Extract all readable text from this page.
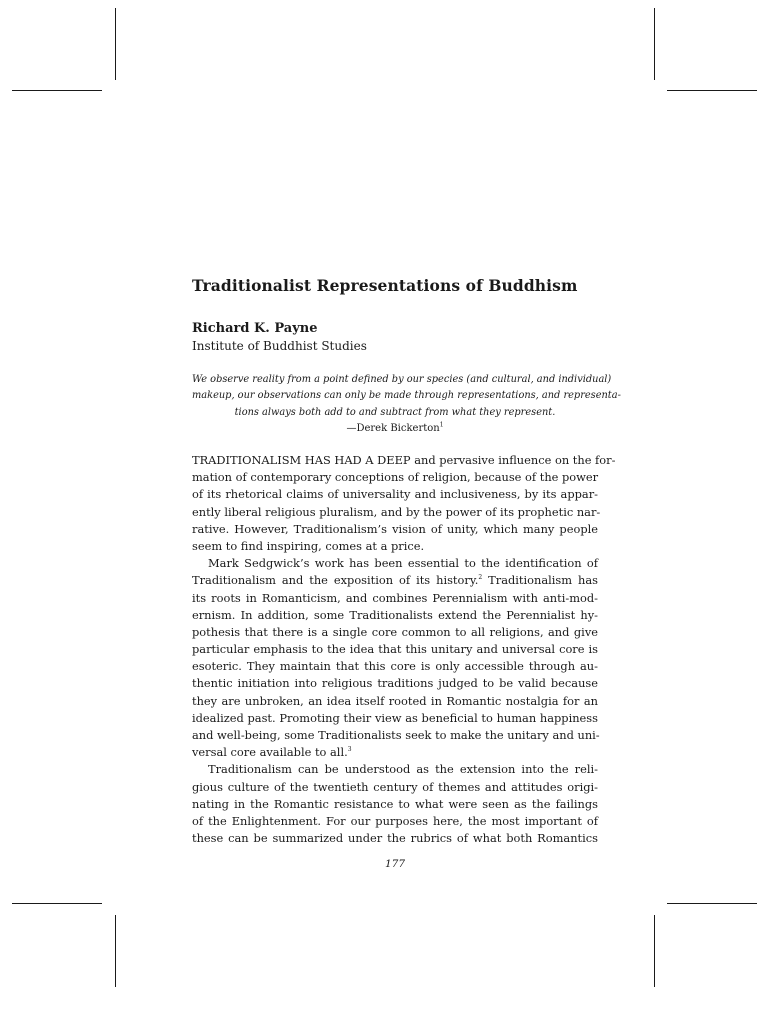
Traditionalist Representations of Buddhism

Richard K. Payne

Institute of Buddhist Studies

We observe reality from a point defined by our species (and cultural, and individual)
makeup, our observations can only be made through representations, and representa-
tions always both add to and subtract from what they represent.
—Derek Bickerton$^1$
TRADITIONALISM HAS HAD A DEEP and pervasive influence on the for-
mation of contemporary conceptions of religion, because of the power
of its rhetorical claims of universality and inclusiveness, by its appar-
ently liberal religious pluralism, and by the power of its prophetic nar-
rative. However, Traditionalism’s vision of unity, which many people
seem to find inspiring, comes at a price.
Mark Sedgwick’s work has been essential to the identification of
Traditionalism and the exposition of its history.$^2$ Traditionalism has
its roots in Romanticism, and combines Perennialism with anti-mod-
ernism. In addition, some Traditionalists extend the Perennialist hy-
pothesis that there is a single core common to all religions, and give
particular emphasis to the idea that this unitary and universal core is
esoteric. They maintain that this core is only accessible through au-
thentic initiation into religious traditions judged to be valid because
they are unbroken, an idea itself rooted in Romantic nostalgia for an
idealized past. Promoting their view as beneficial to human happiness
and well-being, some Traditionalists seek to make the unitary and uni-
versal core available to all.$^3$
Traditionalism can be understood as the extension into the reli-
gious culture of the twentieth century of themes and attitudes origi-
nating in the Romantic resistance to what were seen as the failings
of the Enlightenment. For our purposes here, the most important of
these can be summarized under the rubrics of what both Romantics
177
